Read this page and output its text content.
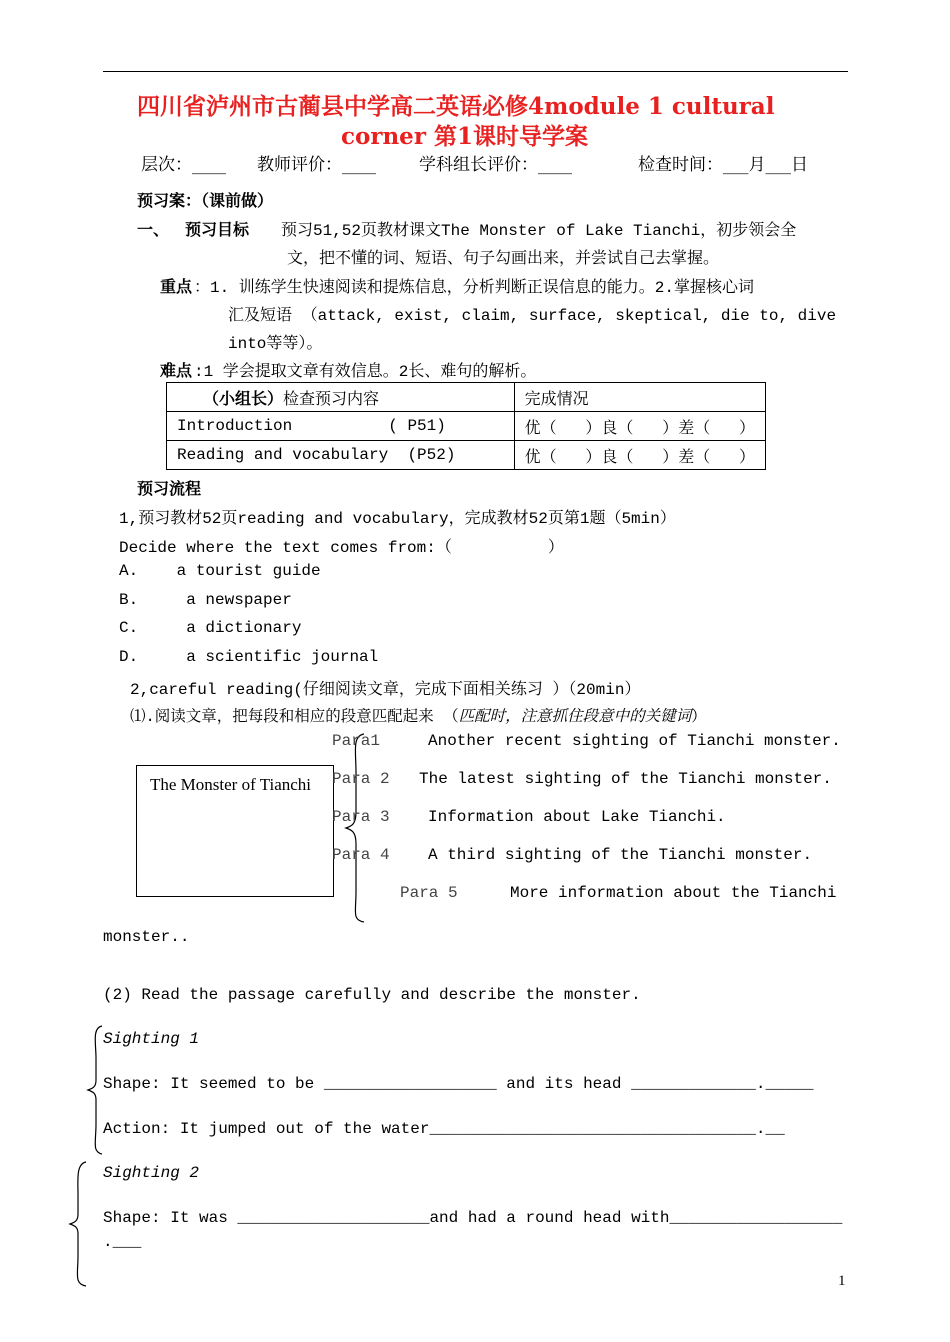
四川省泸州市古蔺县中学高二英语必修4module 1 cultural
corner 第1课时导学案
层次：____ 教师评价：____	学科组长评价：____	检查时间：___月___日
预习案：（课前做）
一、 预习目标 预习51,52页教材课文The Monster of Lake Tianchi，初步领会全
文，把不懂的词、短语、句子勾画出来，并尝试自己去掌握。
重点 ：1. 训练学生快速阅读和提炼信息，分析判断正误信息的能力。2.掌握核心词
汇及短语 （attack, exist, claim, surface, skeptical, die to, dive
into等等）。
难点 :1 学会提取文章有效信息。2长、难句的解析。
（小组长）检查预习内容	完成情况
Introduction          ( P51)	优（   ）良（   ）差（   ）
Reading and vocabulary  (P52)	优（   ）良（   ）差（   ）
预习流程
1,预习教材52页reading and vocabulary，完成教材52页第1题（5min）
Decide where the text comes from:（          ）
A.    a tourist guide
B.     a newspaper
C.     a dictionary
D.     a scientific journal
2,careful reading(仔细阅读文章，完成下面相关练习 ）（20min）
⑴.阅读文章，把每段和相应的段意匹配起来 （匹配时，注意抓住段意中的关键词）
The Monster of Tianchi
Para1	Another recent sighting of Tianchi monster.
Para 2 The latest sighting of the Tianchi monster.
Para 3 Information about Lake Tianchi.
Para 4 A third sighting of the Tianchi monster.
Para 5	More information about the Tianchi
monster..
(2) Read the passage carefully and describe the monster.
Sighting 1
Shape: It seemed to be __________________ and its head _____________._____
Action: It jumped out of the water__________________________________.__
Sighting 2
Shape: It was ____________________and had a round head with__________________
.___
1
